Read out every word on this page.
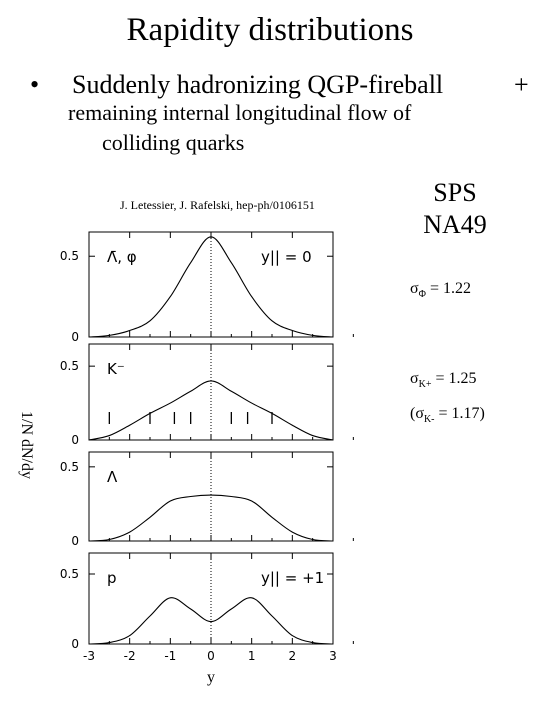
Rapidity distributions
• Suddenly hadronizing QGP-fireball	+
remaining internal longitudinal flow of
colliding quarks
J. Letessier, J. Rafelski, hep-ph/0106151	SPS
NA49
$\sigma_\Phi = 1.22$
$\sigma_{K+} = 1.25$
$(\sigma_{K-} = 1.17)$
0
0.5 Λ̄, φ	y|| = 0
0
0.5 K⁻
0
0.5
Λ
0
0.5 p	y|| = +1
-3 -2 -1	0	1	2	3
y
1/N dN/dy
